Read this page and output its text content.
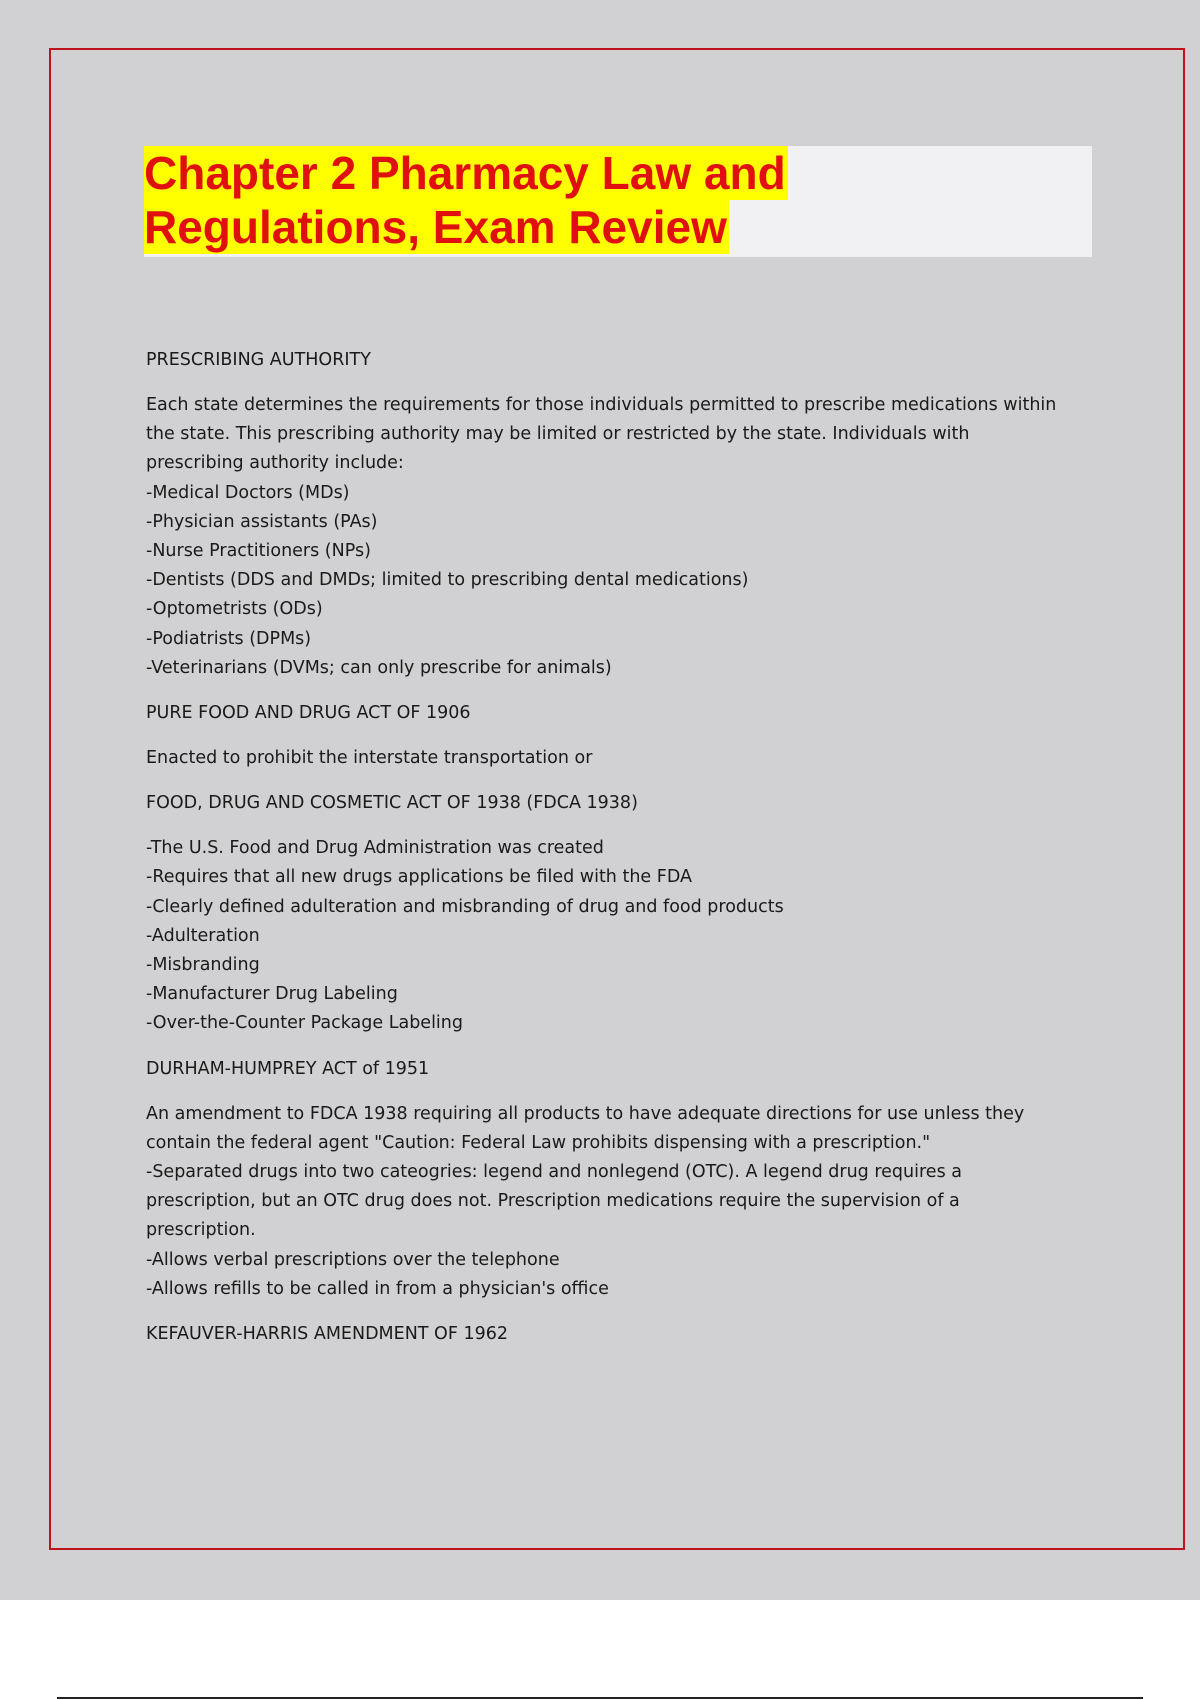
Chapter 2 Pharmacy Law and
Regulations, Exam Review

PRESCRIBING AUTHORITY

Each state determines the requirements for those individuals permitted to prescribe medications within
the state. This prescribing authority may be limited or restricted by the state. Individuals with
prescribing authority include:
-Medical Doctors (MDs)
-Physician assistants (PAs)
-Nurse Practitioners (NPs)
-Dentists (DDS and DMDs; limited to prescribing dental medications)
-Optometrists (ODs)
-Podiatrists (DPMs)
-Veterinarians (DVMs; can only prescribe for animals)

PURE FOOD AND DRUG ACT OF 1906

Enacted to prohibit the interstate transportation or

FOOD, DRUG AND COSMETIC ACT OF 1938 (FDCA 1938)

-The U.S. Food and Drug Administration was created
-Requires that all new drugs applications be filed with the FDA
-Clearly defined adulteration and misbranding of drug and food products
-Adulteration
-Misbranding
-Manufacturer Drug Labeling
-Over-the-Counter Package Labeling

DURHAM-HUMPREY ACT of 1951

An amendment to FDCA 1938 requiring all products to have adequate directions for use unless they
contain the federal agent "Caution: Federal Law prohibits dispensing with a prescription."
-Separated drugs into two cateogries: legend and nonlegend (OTC). A legend drug requires a
prescription, but an OTC drug does not. Prescription medications require the supervision of a
prescription.
-Allows verbal prescriptions over the telephone
-Allows refills to be called in from a physician's office

KEFAUVER-HARRIS AMENDMENT OF 1962
